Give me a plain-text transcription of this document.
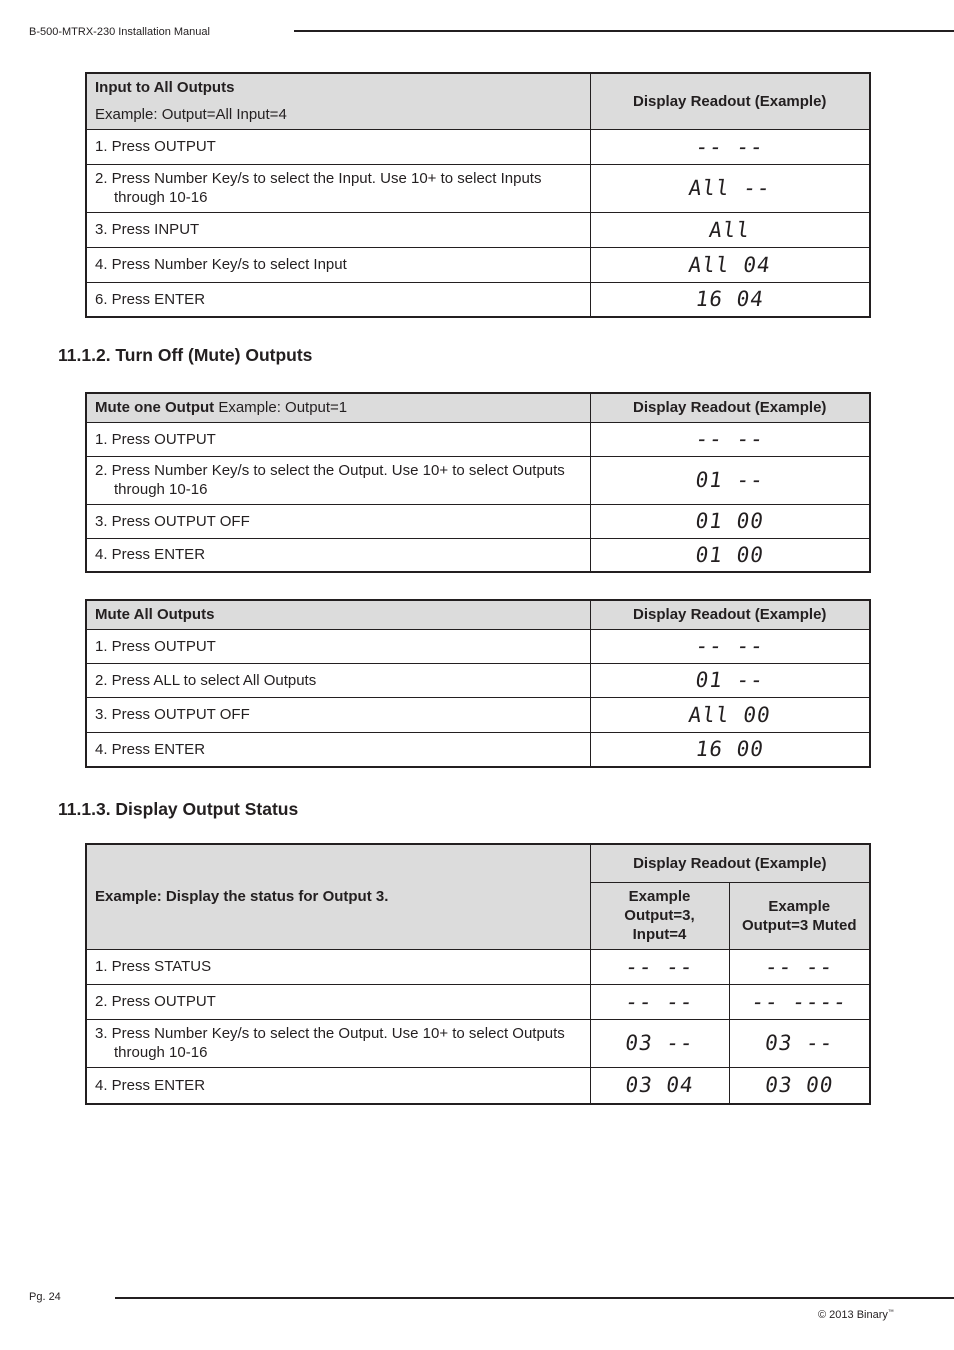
B-500-MTRX-230 Installation Manual
Input to All Outputs
Example: Output=All Input=4	Display Readout (Example)
1. Press OUTPUT	-- --

2. Press Number Key/s to select the Input. Use 10+ to select Inputs through 10-16	All --
3. Press INPUT	All
4. Press Number Key/s to select Input	All 04
6. Press ENTER	16 04
11.1.2. Turn Off (Mute) Outputs
Mute one Output Example: Output=1	Display Readout (Example)
1. Press OUTPUT	-- --

2. Press Number Key/s to select the Output. Use 10+ to select Outputs through 10-16	01 --
3. Press OUTPUT OFF	01 00
4. Press ENTER	01 00
Mute All Outputs	Display Readout (Example)
1. Press OUTPUT	-- --
2. Press ALL to select All Outputs	01 --
3. Press OUTPUT OFF	All 00
4. Press ENTER	16 00
11.1.3. Display Output Status
Example: Display the status for Output 3.	Display Readout (Example)	
	Example Output=3, Input=4	Example Output=3 Muted
1. Press STATUS	-- --	-- --
2. Press OUTPUT	-- --	-- ----

3. Press Number Key/s to select the Output. Use 10+ to select Outputs through 10-16	03 --	03 --
4. Press ENTER	03 04	03 00
Pg. 24
© 2013 Binary™
